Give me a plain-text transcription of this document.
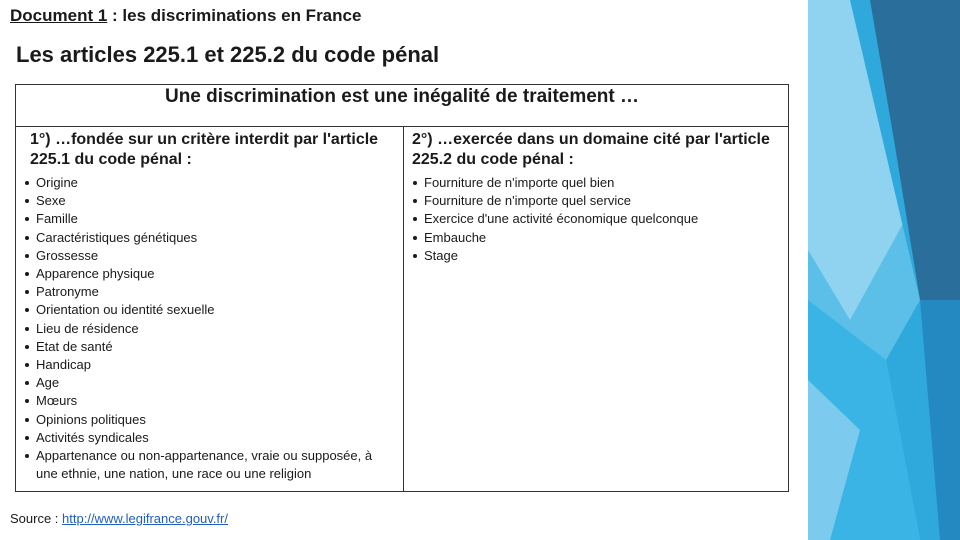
Document 1 : les discriminations en France
Les articles 225.1 et 225.2 du code pénal
Une discrimination est une inégalité de traitement …
1°) …fondée sur un critère interdit par l'article 225.1 du code pénal :
Origine
Sexe
Famille
Caractéristiques génétiques
Grossesse
Apparence physique
Patronyme
Orientation ou identité sexuelle
Lieu de résidence
Etat de santé
Handicap
Age
Mœurs
Opinions politiques
Activités syndicales
Appartenance ou non-appartenance, vraie ou supposée, à une ethnie, une nation, une race ou une religion
2°) …exercée dans un domaine cité par l'article 225.2 du code pénal :
Fourniture de n'importe quel bien
Fourniture de n'importe quel service
Exercice d'une activité économique quelconque
Embauche
Stage
Source : http://www.legifrance.gouv.fr/
